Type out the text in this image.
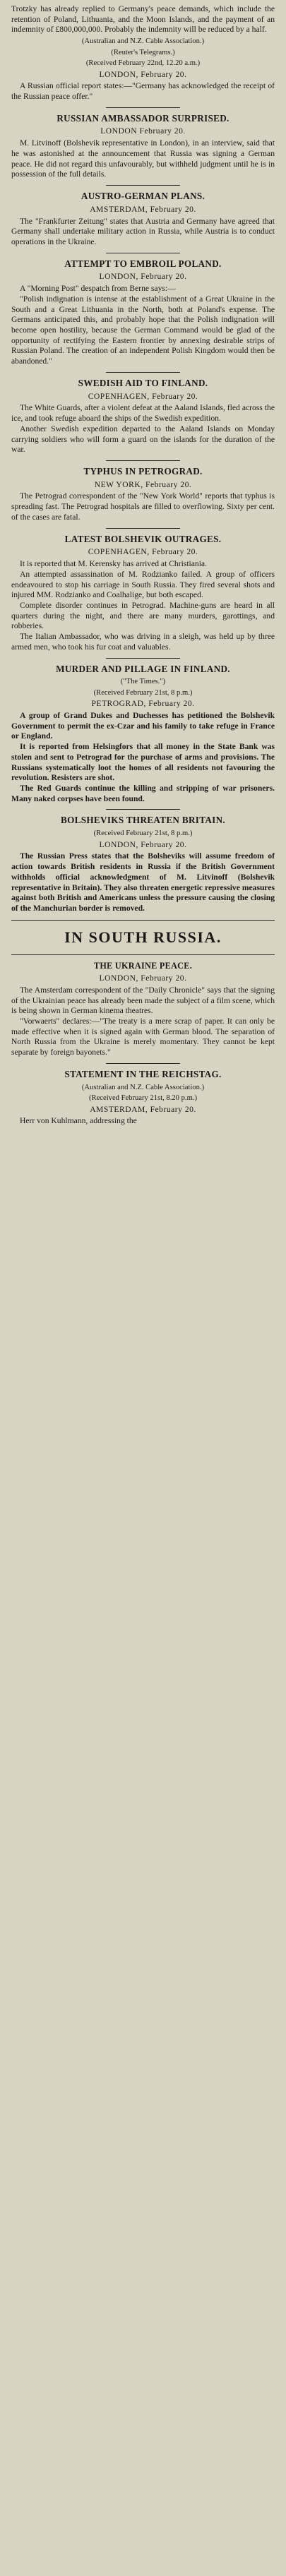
Trotzky has already replied to Germany's peace demands, which include the retention of Poland, Lithuania, and the Moon Islands, and the payment of an indemnity of £800,000,000. Probably the indemnity will be reduced by a half.

(Australian and N.Z. Cable Association.)

(Reuter's Telegrams.)

(Received February 22nd, 12.20 a.m.)

LONDON, February 20.

A Russian official report states:—"Germany has acknowledged the receipt of the Russian peace offer."

RUSSIAN AMBASSADOR SURPRISED.

LONDON February 20.

M. Litvinoff (Bolshevik representative in London), in an interview, said that he was astonished at the announcement that Russia was signing a German peace. He did not regard this unfavourably, but withheld judgment until he is in possession of the full details.

AUSTRO-GERMAN PLANS.

AMSTERDAM, February 20.

The "Frankfurter Zeitung" states that Austria and Germany have agreed that Germany shall undertake military action in Russia, while Austria is to conduct operations in the Ukraine.

ATTEMPT TO EMBROIL POLAND.

LONDON, February 20.

A "Morning Post" despatch from Berne says:—

"Polish indignation is intense at the establishment of a Great Ukraine in the South and a Great Lithuania in the North, both at Poland's expense. The Germans anticipated this, and probably hope that the Polish indignation will become open hostility, because the German Command would be glad of the opportunity of rectifying the Eastern frontier by annexing desirable strips of Russian Poland. The creation of an independent Polish Kingdom would then be abandoned."

SWEDISH AID TO FINLAND.

COPENHAGEN, February 20.

The White Guards, after a violent defeat at the Aaland Islands, fled across the ice, and took refuge aboard the ships of the Swedish expedition.

Another Swedish expedition departed to the Aaland Islands on Monday carrying soldiers who will form a guard on the islands for the duration of the war.

TYPHUS IN PETROGRAD.

NEW YORK, February 20.

The Petrograd correspondent of the "New York World" reports that typhus is spreading fast. The Petrograd hospitals are filled to overflowing. Sixty per cent. of the cases are fatal.

LATEST BOLSHEVIK OUTRAGES.

COPENHAGEN, February 20.

It is reported that M. Kerensky has arrived at Christiania.

An attempted assassination of M. Rodzianko failed. A group of officers endeavoured to stop his carriage in South Russia. They fired several shots and injured MM. Rodzianko and Coalhalige, but both escaped.

Complete disorder continues in Petrograd. Machine-guns are heard in all quarters during the night, and there are many murders, garottings, and robberies.

The Italian Ambassador, who was driving in a sleigh, was held up by three armed men, who took his fur coat and valuables.

MURDER AND PILLAGE IN FINLAND.

("The Times.")

(Received February 21st, 8 p.m.)

PETROGRAD, February 20.

A group of Grand Dukes and Duchesses has petitioned the Bolshevik Government to permit the ex-Czar and his family to take refuge in France or England.

It is reported from Helsingfors that all money in the State Bank was stolen and sent to Petrograd for the purchase of arms and provisions. The Russians systematically loot the homes of all residents not favouring the revolution. Resisters are shot.

The Red Guards continue the killing and stripping of war prisoners. Many naked corpses have been found.

BOLSHEVIKS THREATEN BRITAIN.

(Received February 21st, 8 p.m.)

LONDON, February 20.

The Russian Press states that the Bolsheviks will assume freedom of action towards British residents in Russia if the British Government withholds official acknowledgment of M. Litvinoff (Bolshevik representative in Britain). They also threaten energetic repressive measures against both British and Americans unless the pressure causing the closing of the Manchurian border is removed.

IN SOUTH RUSSIA.
THE UKRAINE PEACE.

LONDON, February 20.

The Amsterdam correspondent of the "Daily Chronicle" says that the signing of the Ukrainian peace has already been made the subject of a film scene, which is being shown in German kinema theatres.

"Vorwaerts" declares:—"The treaty is a mere scrap of paper. It can only be made effective when it is signed again with German blood. The separation of North Russia from the Ukraine is merely momentary. They cannot be kept separate by foreign bayonets."

STATEMENT IN THE REICHSTAG.

(Australian and N.Z. Cable Association.)

(Received February 21st, 8.20 p.m.)

AMSTERDAM, February 20.

Herr von Kuhlmann, addressing the
